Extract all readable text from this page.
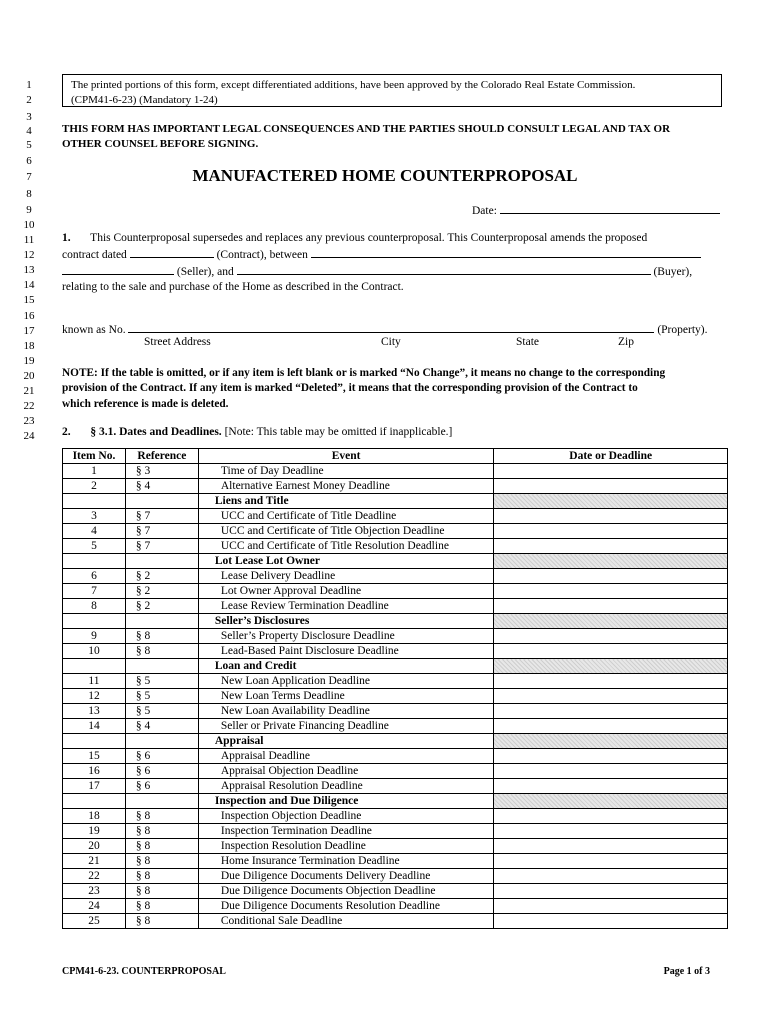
1
2
3
4
5
6
7
8
9
10
11
12
13
14
15
16
17
18
19
20
21
22
23
24
The printed portions of this form, except differentiated additions, have been approved by the Colorado Real Estate Commission.
(CPM41-6-23) (Mandatory 1-24)
THIS FORM HAS IMPORTANT LEGAL CONSEQUENCES AND THE PARTIES SHOULD CONSULT LEGAL AND TAX OR
OTHER COUNSEL BEFORE SIGNING.
MANUFACTERED HOME COUNTERPROPOSAL
Date:
1. This Counterproposal supersedes and replaces any previous counterproposal. This Counterproposal amends the proposed
contract dated	(Contract), between
(Seller), and	(Buyer),
relating to the sale and purchase of the Home as described in the Contract.
known as No.	(Property).
Street Address	City	State	Zip
NOTE: If the table is omitted, or if any item is left blank or is marked “No Change”, it means no change to the corresponding
provision of the Contract. If any item is marked “Deleted”, it means that the corresponding provision of the Contract to
which reference is made is deleted.
2. § 3.1. Dates and Deadlines. [Note: This table may be omitted if inapplicable.]
Item No.	Reference	Event	Date or Deadline
1	§ 3	Time of Day Deadline	
2	§ 4	Alternative Earnest Money Deadline	
		Liens and Title	
3	§ 7	UCC and Certificate of Title Deadline	
4	§ 7	UCC and Certificate of Title Objection Deadline	
5	§ 7	UCC and Certificate of Title Resolution Deadline	
		Lot Lease Lot Owner	
6	§ 2	Lease Delivery Deadline	
7	§ 2	Lot Owner Approval Deadline	
8	§ 2	Lease Review Termination Deadline	
		Seller’s Disclosures	
9	§ 8	Seller’s Property Disclosure Deadline	
10	§ 8	Lead-Based Paint Disclosure Deadline	
		Loan and Credit	
11	§ 5	New Loan Application Deadline	
12	§ 5	New Loan Terms Deadline	
13	§ 5	New Loan Availability Deadline	
14	§ 4	Seller or Private Financing Deadline	
		Appraisal	
15	§ 6	Appraisal Deadline	
16	§ 6	Appraisal Objection Deadline	
17	§ 6	Appraisal Resolution Deadline	
		Inspection and Due Diligence	
18	§ 8	Inspection Objection Deadline	
19	§ 8	Inspection Termination Deadline	
20	§ 8	Inspection Resolution Deadline	
21	§ 8	Home Insurance Termination Deadline	
22	§ 8	Due Diligence Documents Delivery Deadline	
23	§ 8	Due Diligence Documents Objection Deadline	
24	§ 8	Due Diligence Documents Resolution Deadline	
25	§ 8	Conditional Sale Deadline	
CPM41-6-23. COUNTERPROPOSAL	Page 1 of 3
